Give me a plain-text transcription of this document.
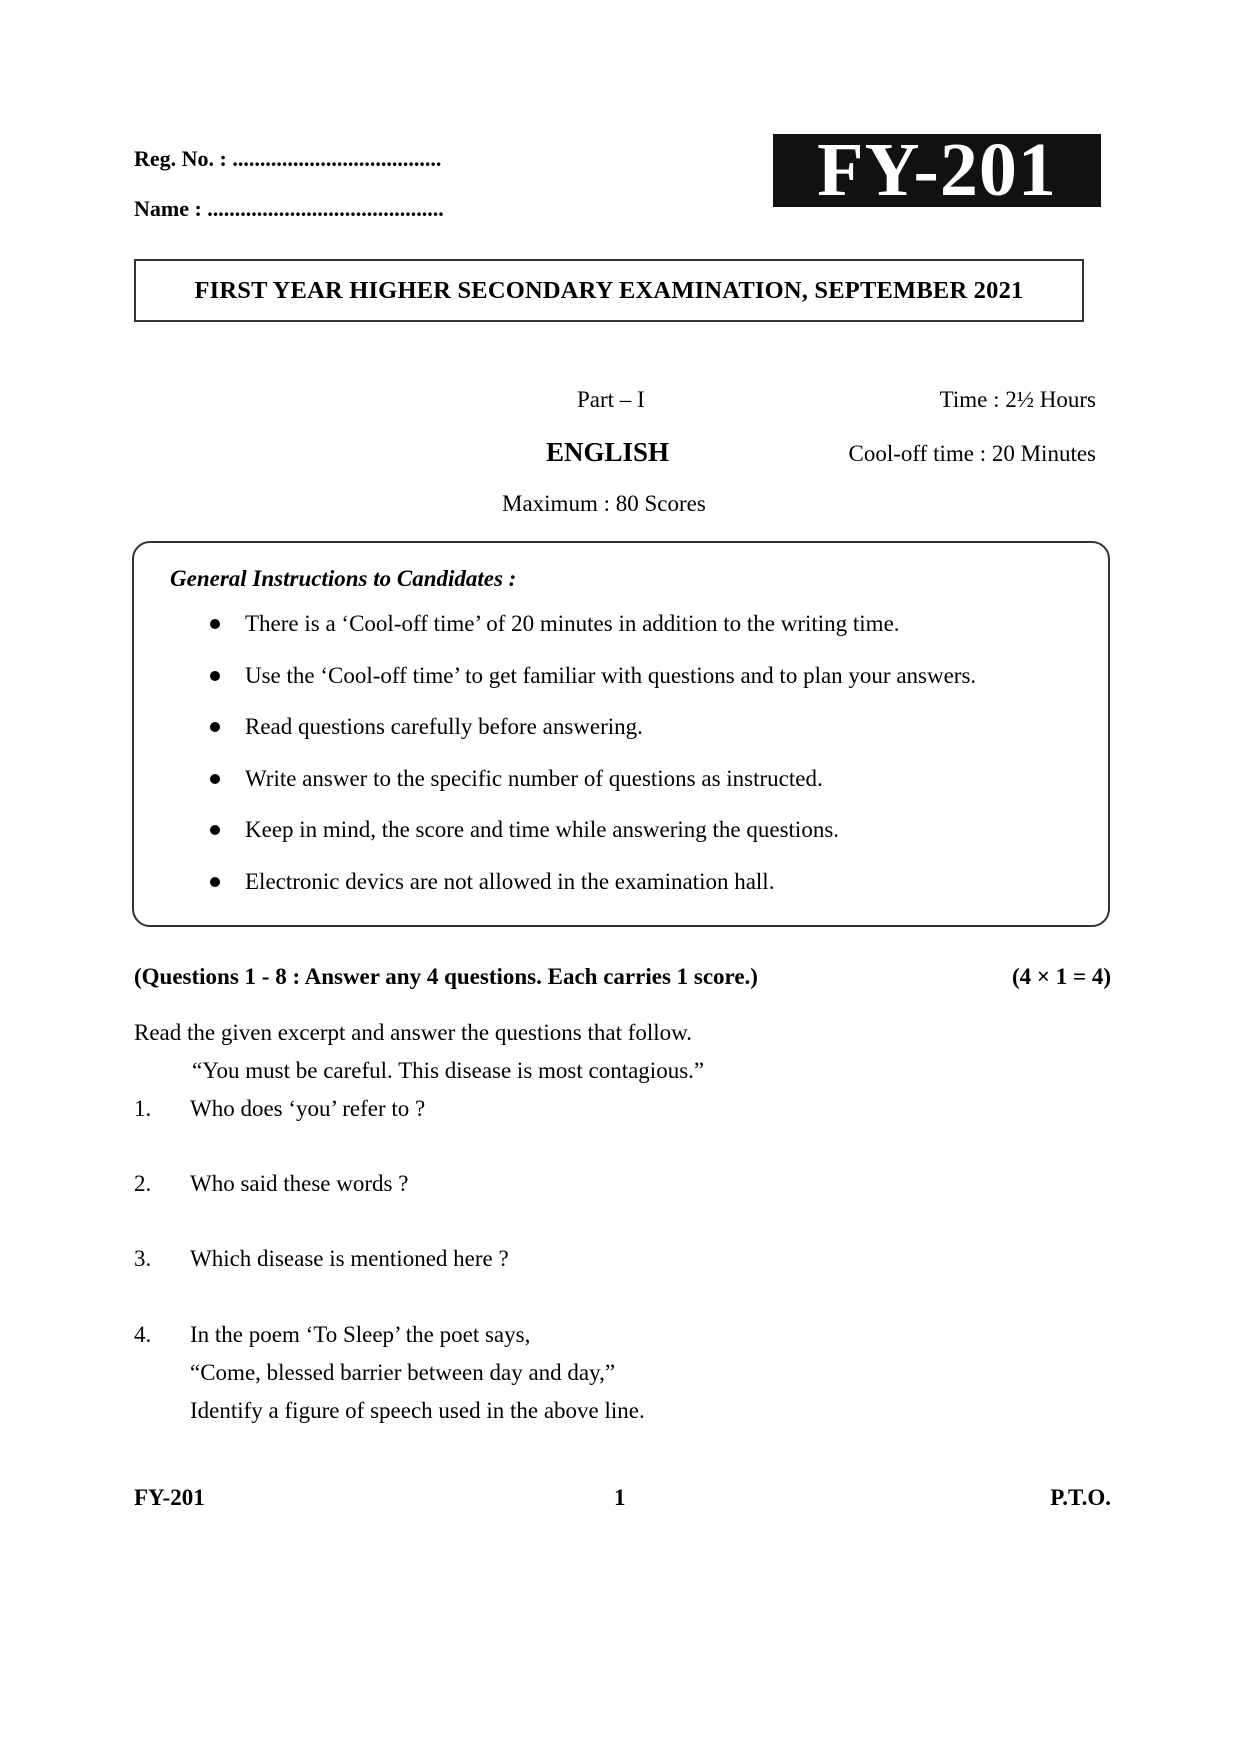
Reg. No. : ......................................
Name : ...........................................	FY-201
FIRST YEAR HIGHER SECONDARY EXAMINATION, SEPTEMBER 2021
Part – I	Time : 2½ Hours
ENGLISH	Cool-off time : 20 Minutes
Maximum : 80 Scores
General Instructions to Candidates :
There is a ‘Cool-off time’ of 20 minutes in addition to the writing time.
Use the ‘Cool-off time’ to get familiar with questions and to plan your answers.
Read questions carefully before answering.
Write answer to the specific number of questions as instructed.
Keep in mind, the score and time while answering the questions.
Electronic devics are not allowed in the examination hall.
(Questions 1 - 8 : Answer any 4 questions. Each carries 1 score.)	(4 × 1 = 4)
Read the given excerpt and answer the questions that follow.
“You must be careful. This disease is most contagious.”
1. Who does ‘you’ refer to ?
2. Who said these words ?
3. Which disease is mentioned here ?
4. In the poem ‘To Sleep’ the poet says,
“Come, blessed barrier between day and day,”
Identify a figure of speech used in the above line.
FY-201	1	P.T.O.
